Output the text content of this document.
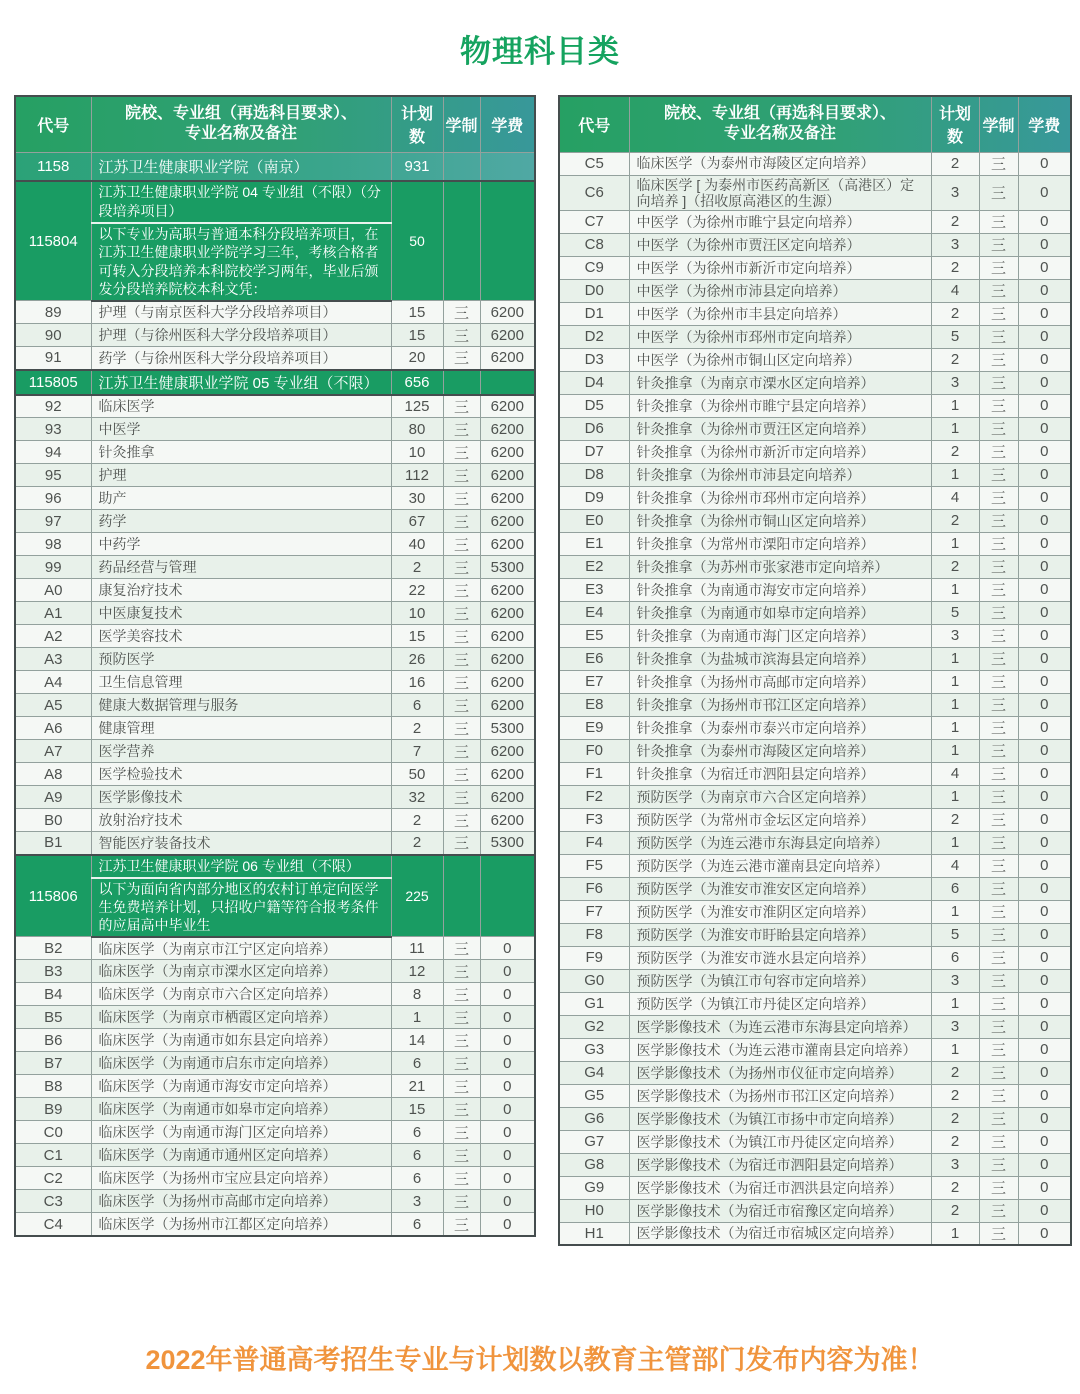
物理科目类
代号	院校、专业组（再选科目要求）、
专业名称及备注	计划数	学制	学费
1158	江苏卫生健康职业学院（南京）	931		
115804	江苏卫生健康职业学院 04 专业组（不限）（分段培养项目）	50		
	以下专业为高职与普通本科分段培养项目，在江苏卫生健康职业学院学习三年，考核合格者可转入分段培养本科院校学习两年，毕业后颁发分段培养院校本科文凭：			
89	护理（与南京医科大学分段培养项目）	15	三	6200
90	护理（与徐州医科大学分段培养项目）	15	三	6200
91	药学（与徐州医科大学分段培养项目）	20	三	6200
115805	江苏卫生健康职业学院 05 专业组（不限）	656		
92	临床医学	125	三	6200
93	中医学	80	三	6200
94	针灸推拿	10	三	6200
95	护理	112	三	6200
96	助产	30	三	6200
97	药学	67	三	6200
98	中药学	40	三	6200
99	药品经营与管理	2	三	5300
A0	康复治疗技术	22	三	6200
A1	中医康复技术	10	三	6200
A2	医学美容技术	15	三	6200
A3	预防医学	26	三	6200
A4	卫生信息管理	16	三	6200
A5	健康大数据管理与服务	6	三	6200
A6	健康管理	2	三	5300
A7	医学营养	7	三	6200
A8	医学检验技术	50	三	6200
A9	医学影像技术	32	三	6200
B0	放射治疗技术	2	三	6200
B1	智能医疗装备技术	2	三	5300
115806	江苏卫生健康职业学院 06 专业组（不限）	225		
	以下为面向省内部分地区的农村订单定向医学生免费培养计划，只招收户籍等符合报考条件的应届高中毕业生			
B2	临床医学（为南京市江宁区定向培养）	11	三	0
B3	临床医学（为南京市溧水区定向培养）	12	三	0
B4	临床医学（为南京市六合区定向培养）	8	三	0
B5	临床医学（为南京市栖霞区定向培养）	1	三	0
B6	临床医学（为南通市如东县定向培养）	14	三	0
B7	临床医学（为南通市启东市定向培养）	6	三	0
B8	临床医学（为南通市海安市定向培养）	21	三	0
B9	临床医学（为南通市如皋市定向培养）	15	三	0
C0	临床医学（为南通市海门区定向培养）	6	三	0
C1	临床医学（为南通市通州区定向培养）	6	三	0
C2	临床医学（为扬州市宝应县定向培养）	6	三	0
C3	临床医学（为扬州市高邮市定向培养）	3	三	0
C4	临床医学（为扬州市江都区定向培养）	6	三	0
代号	院校、专业组（再选科目要求）、
专业名称及备注	计划数	学制	学费
C5	临床医学（为泰州市海陵区定向培养）	2	三	0
C6	临床医学 [ 为泰州市医药高新区（高港区）定向培养 ]（招收原高港区的生源）	3	三	0
C7	中医学（为徐州市睢宁县定向培养）	2	三	0
C8	中医学（为徐州市贾汪区定向培养）	3	三	0
C9	中医学（为徐州市新沂市定向培养）	2	三	0
D0	中医学（为徐州市沛县定向培养）	4	三	0
D1	中医学（为徐州市丰县定向培养）	2	三	0
D2	中医学（为徐州市邳州市定向培养）	5	三	0
D3	中医学（为徐州市铜山区定向培养）	2	三	0
D4	针灸推拿（为南京市溧水区定向培养）	3	三	0
D5	针灸推拿（为徐州市睢宁县定向培养）	1	三	0
D6	针灸推拿（为徐州市贾汪区定向培养）	1	三	0
D7	针灸推拿（为徐州市新沂市定向培养）	2	三	0
D8	针灸推拿（为徐州市沛县定向培养）	1	三	0
D9	针灸推拿（为徐州市邳州市定向培养）	4	三	0
E0	针灸推拿（为徐州市铜山区定向培养）	2	三	0
E1	针灸推拿（为常州市溧阳市定向培养）	1	三	0
E2	针灸推拿（为苏州市张家港市定向培养）	2	三	0
E3	针灸推拿（为南通市海安市定向培养）	1	三	0
E4	针灸推拿（为南通市如皋市定向培养）	5	三	0
E5	针灸推拿（为南通市海门区定向培养）	3	三	0
E6	针灸推拿（为盐城市滨海县定向培养）	1	三	0
E7	针灸推拿（为扬州市高邮市定向培养）	1	三	0
E8	针灸推拿（为扬州市邗江区定向培养）	1	三	0
E9	针灸推拿（为泰州市泰兴市定向培养）	1	三	0
F0	针灸推拿（为泰州市海陵区定向培养）	1	三	0
F1	针灸推拿（为宿迁市泗阳县定向培养）	4	三	0
F2	预防医学（为南京市六合区定向培养）	1	三	0
F3	预防医学（为常州市金坛区定向培养）	2	三	0
F4	预防医学（为连云港市东海县定向培养）	1	三	0
F5	预防医学（为连云港市灌南县定向培养）	4	三	0
F6	预防医学（为淮安市淮安区定向培养）	6	三	0
F7	预防医学（为淮安市淮阴区定向培养）	1	三	0
F8	预防医学（为淮安市盱眙县定向培养）	5	三	0
F9	预防医学（为淮安市涟水县定向培养）	6	三	0
G0	预防医学（为镇江市句容市定向培养）	3	三	0
G1	预防医学（为镇江市丹徒区定向培养）	1	三	0
G2	医学影像技术（为连云港市东海县定向培养）	3	三	0
G3	医学影像技术（为连云港市灌南县定向培养）	1	三	0
G4	医学影像技术（为扬州市仪征市定向培养）	2	三	0
G5	医学影像技术（为扬州市邗江区定向培养）	2	三	0
G6	医学影像技术（为镇江市扬中市定向培养）	2	三	0
G7	医学影像技术（为镇江市丹徒区定向培养）	2	三	0
G8	医学影像技术（为宿迁市泗阳县定向培养）	3	三	0
G9	医学影像技术（为宿迁市泗洪县定向培养）	2	三	0
H0	医学影像技术（为宿迁市宿豫区定向培养）	2	三	0
H1	医学影像技术（为宿迁市宿城区定向培养）	1	三	0
2022年普通高考招生专业与计划数以教育主管部门发布内容为准！
